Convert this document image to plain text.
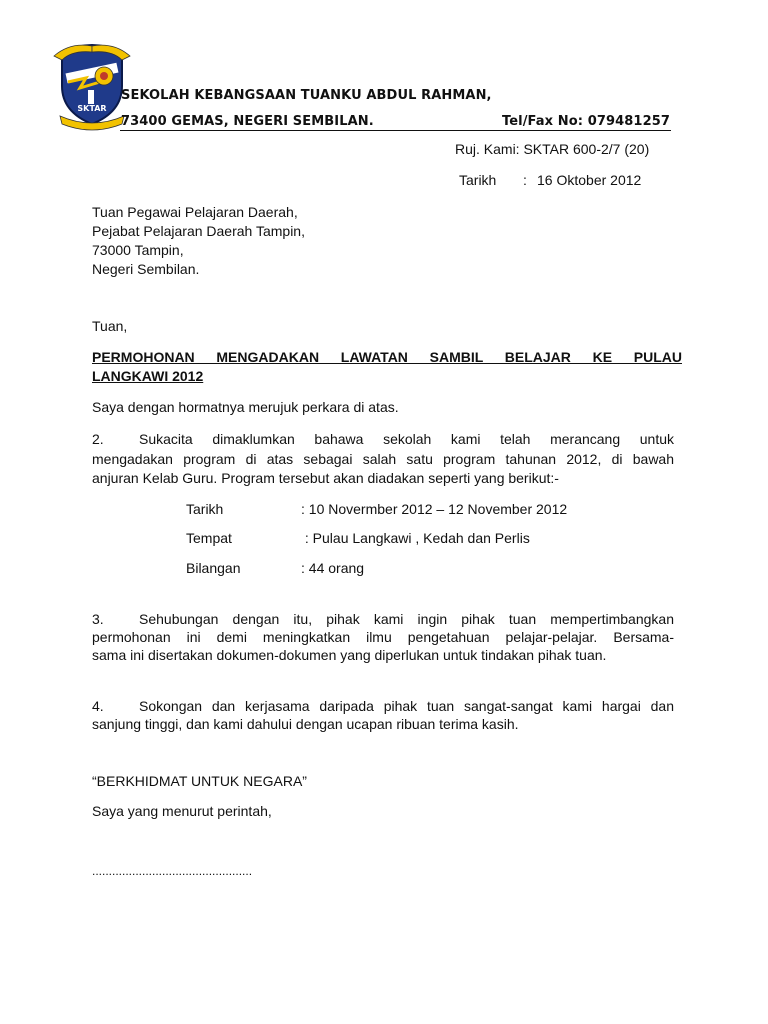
SKTAR
SEKOLAH KEBANGSAAN TUANKU ABDUL RAHMAN,
73400 GEMAS, NEGERI SEMBILAN.	Tel/Fax No: 079481257
Ruj. Kami: SKTAR 600-2/7 (20)
Tarikh : 16 Oktober 2012
Tuan Pegawai Pelajaran Daerah,
Pejabat Pelajaran Daerah Tampin,
73000 Tampin,
Negeri Sembilan.
Tuan,
PERMOHONAN MENGADAKAN LAWATAN SAMBIL BELAJAR KE PULAU
LANGKAWI 2012
Saya dengan hormatnya merujuk perkara di atas.
2.	Sukacita dimaklumkan bahawa sekolah kami telah merancang untuk
mengadakan program di atas sebagai salah satu program tahunan 2012, di bawah
anjuran Kelab Guru. Program tersebut akan diadakan seperti yang berikut:-
Tarikh	: 10 Novermber 2012 – 12 November 2012
Tempat	: Pulau Langkawi , Kedah dan Perlis
Bilangan	: 44 orang
3.	Sehubungan dengan itu, pihak kami ingin pihak tuan mempertimbangkan
permohonan ini demi meningkatkan ilmu pengetahuan pelajar-pelajar. Bersama-
sama ini disertakan dokumen-dokumen yang diperlukan untuk tindakan pihak tuan.
4.	Sokongan dan kerjasama daripada pihak tuan sangat-sangat kami hargai dan
sanjung tinggi, dan kami dahului dengan ucapan ribuan terima kasih.
“BERKHIDMAT UNTUK NEGARA”
Saya yang menurut perintah,
................................................
